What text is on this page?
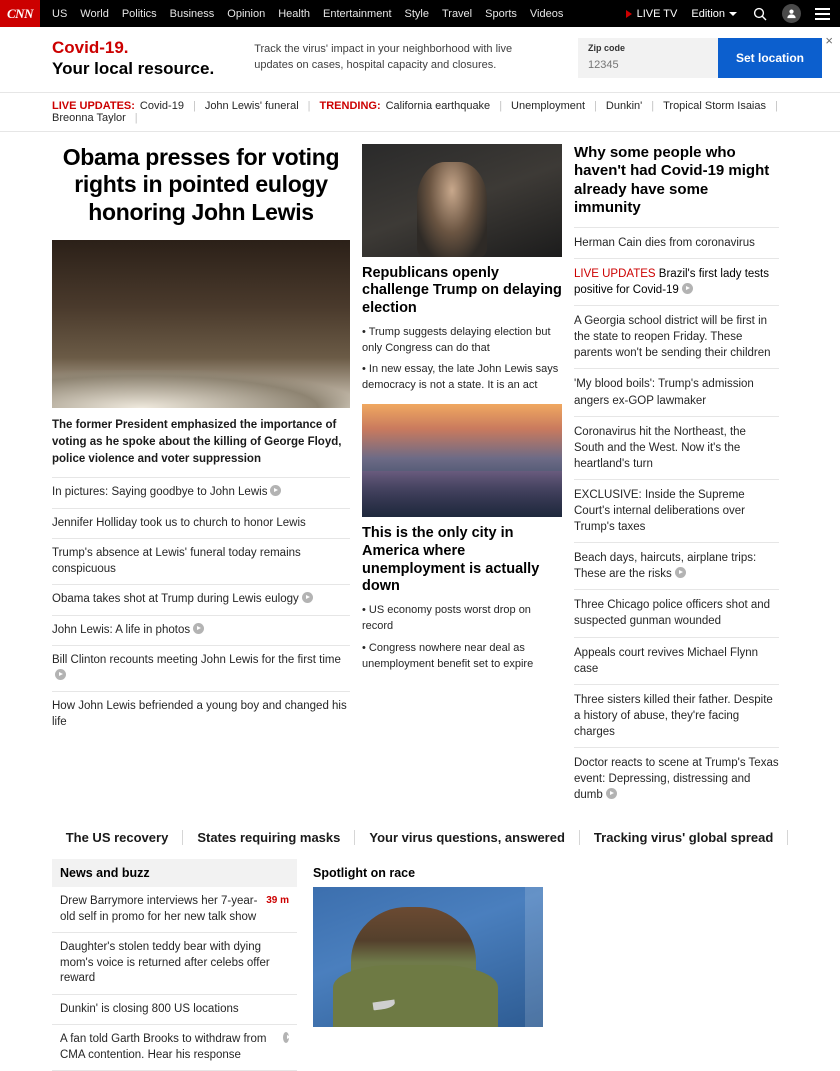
CNN	US World Politics Business Opinion Health Entertainment Style Travel Sports Videos	LIVE TV Edition
Covid-19.
Your local resource.
Track the virus' impact in your neighborhood with live updates on cases, hospital capacity and closures.
Zip code
12345
Set location
×
LIVE UPDATES: Covid-19 | John Lewis' funeral | TRENDING: California earthquake | Unemployment | Dunkin' | Tropical Storm Isaias |
Breonna Taylor |
Obama presses for voting rights in pointed eulogy honoring John Lewis
The former President emphasized the importance of voting as he spoke about the killing of George Floyd, police violence and voter suppression
In pictures: Saying goodbye to John Lewis
Jennifer Holliday took us to church to honor Lewis
Trump's absence at Lewis' funeral today remains conspicuous
Obama takes shot at Trump during Lewis eulogy
John Lewis: A life in photos
Bill Clinton recounts meeting John Lewis for the first time
How John Lewis befriended a young boy and changed his life
Republicans openly challenge Trump on delaying election
• Trump suggests delaying election but only Congress can do that
• In new essay, the late John Lewis says democracy is not a state. It is an act
This is the only city in America where unemployment is actually down
• US economy posts worst drop on record
• Congress nowhere near deal as unemployment benefit set to expire
Why some people who haven't had Covid-19 might already have some immunity
Herman Cain dies from coronavirus
LIVE UPDATES Brazil's first lady tests positive for Covid-19
A Georgia school district will be first in the state to reopen Friday. These parents won't be sending their children
'My blood boils': Trump's admission angers ex-GOP lawmaker
Coronavirus hit the Northeast, the South and the West. Now it's the heartland's turn
EXCLUSIVE: Inside the Supreme Court's internal deliberations over Trump's taxes
Beach days, haircuts, airplane trips: These are the risks
Three Chicago police officers shot and suspected gunman wounded
Appeals court revives Michael Flynn case
Three sisters killed their father. Despite a history of abuse, they're facing charges
Doctor reacts to scene at Trump's Texas event: Depressing, distressing and dumb
The US recovery	States requiring masks	Your virus questions, answered	Tracking virus' global spread
News and buzz
Drew Barrymore interviews her 7-year-old self in promo for her new talk show
39 m
Daughter's stolen teddy bear with dying mom's voice is returned after celebs offer reward
Dunkin' is closing 800 US locations
A fan told Garth Brooks to withdraw from CMA contention. Hear his response
Spotlight on race
